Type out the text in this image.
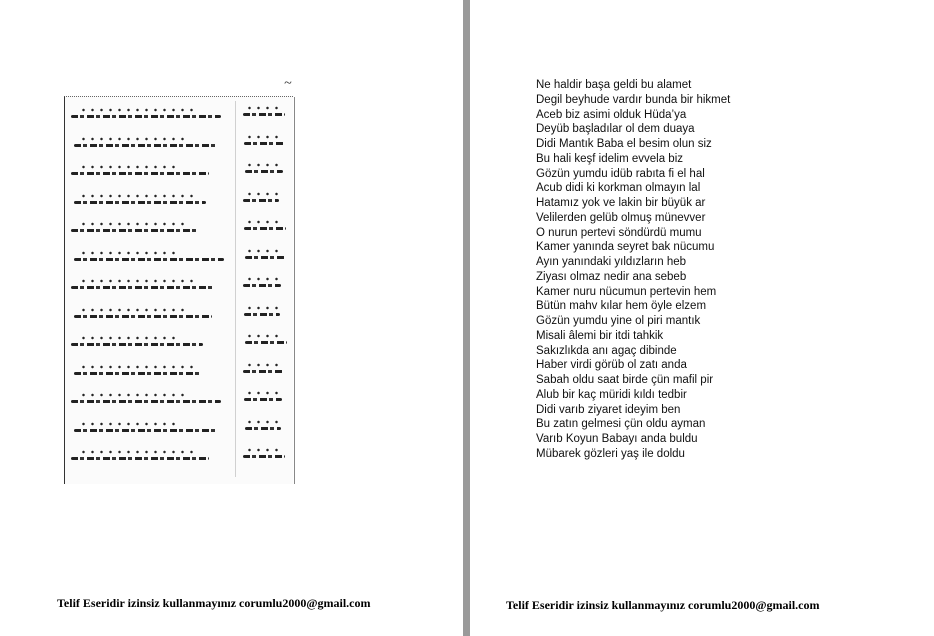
~
Telif Eseridir izinsiz kullanmayınız corumlu2000@gmail.com
Ne haldir başa geldi bu alamet
Degil beyhude vardır bunda bir hikmet
Aceb biz asimi olduk Hüda’ya
Deyüb başladılar ol dem duaya
Didi Mantık Baba el besim olun siz
Bu hali keşf idelim evvela biz
Gözün yumdu idüb rabıta fi el hal
Acub didi ki korkman olmayın lal
Hatamız yok ve lakin bir büyük ar
Velilerden gelüb olmuş münevver
O nurun pertevi söndürdü mumu
Kamer yanında seyret bak nücumu
Ayın yanındaki yıldızların heb
Ziyası olmaz nedir ana sebeb
Kamer nuru nücumun pertevin hem
Bütün mahv kılar hem öyle elzem
Gözün yumdu yine ol piri mantık
Misali âlemi bir itdi tahkik
Sakızlıkda anı agaç dibinde
Haber virdi görüb ol zatı anda
Sabah oldu saat birde çün mafil pir
Alub bir kaç müridi kıldı tedbir
Didi varıb ziyaret ideyim ben
Bu zatın gelmesi çün oldu ayman
Varıb Koyun Babayı anda buldu
Mübarek gözleri yaş ile doldu
Telif Eseridir izinsiz kullanmayınız corumlu2000@gmail.com
